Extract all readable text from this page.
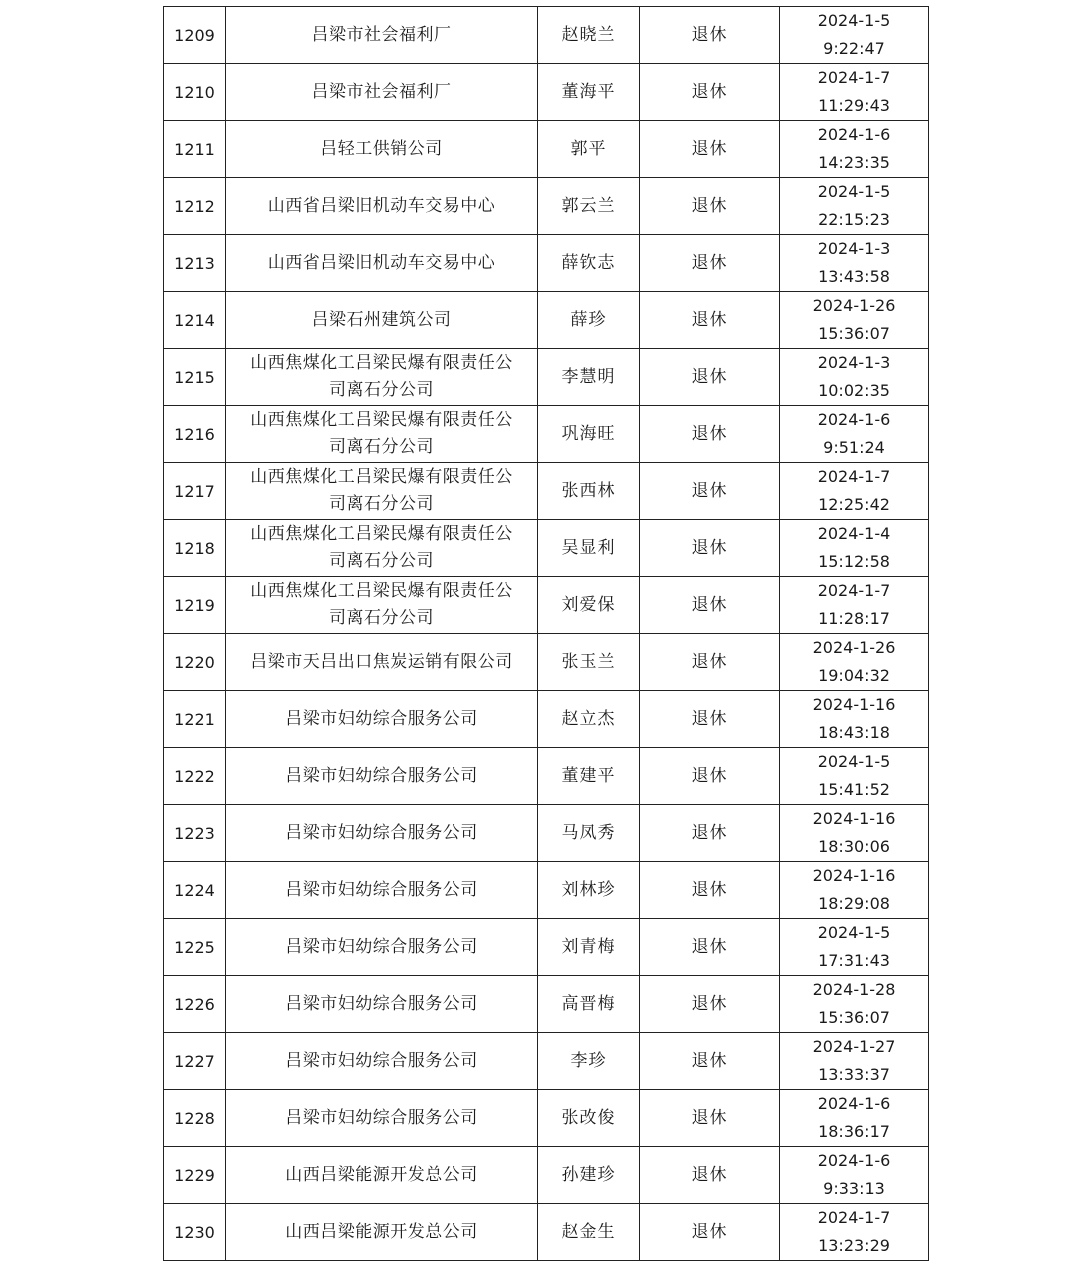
1209	吕梁市社会福利厂	赵晓兰	退休	2024-1-5
9:22:47

1210	吕梁市社会福利厂	董海平	退休	2024-1-7
11:29:43

1211	吕轻工供销公司	郭平	退休	2024-1-6
14:23:35

1212	山西省吕梁旧机动车交易中心	郭云兰	退休	2024-1-5
22:15:23

1213	山西省吕梁旧机动车交易中心	薛钦志	退休	2024-1-3
13:43:58

1214	吕梁石州建筑公司	薛珍	退休	2024-1-26
15:36:07

1215	山西焦煤化工吕梁民爆有限责任公
司离石分公司	李慧明	退休	2024-1-3
10:02:35

1216	山西焦煤化工吕梁民爆有限责任公
司离石分公司	巩海旺	退休	2024-1-6
9:51:24

1217	山西焦煤化工吕梁民爆有限责任公
司离石分公司	张西林	退休	2024-1-7
12:25:42

1218	山西焦煤化工吕梁民爆有限责任公
司离石分公司	吴显利	退休	2024-1-4
15:12:58

1219	山西焦煤化工吕梁民爆有限责任公
司离石分公司	刘爱保	退休	2024-1-7
11:28:17

1220	吕梁市天吕出口焦炭运销有限公司	张玉兰	退休	2024-1-26
19:04:32

1221	吕梁市妇幼综合服务公司	赵立杰	退休	2024-1-16
18:43:18

1222	吕梁市妇幼综合服务公司	董建平	退休	2024-1-5
15:41:52

1223	吕梁市妇幼综合服务公司	马凤秀	退休	2024-1-16
18:30:06

1224	吕梁市妇幼综合服务公司	刘林珍	退休	2024-1-16
18:29:08

1225	吕梁市妇幼综合服务公司	刘青梅	退休	2024-1-5
17:31:43

1226	吕梁市妇幼综合服务公司	高晋梅	退休	2024-1-28
15:36:07

1227	吕梁市妇幼综合服务公司	李珍	退休	2024-1-27
13:33:37

1228	吕梁市妇幼综合服务公司	张改俊	退休	2024-1-6
18:36:17

1229	山西吕梁能源开发总公司	孙建珍	退休	2024-1-6
9:33:13

1230	山西吕梁能源开发总公司	赵金生	退休	2024-1-7
13:23:29
